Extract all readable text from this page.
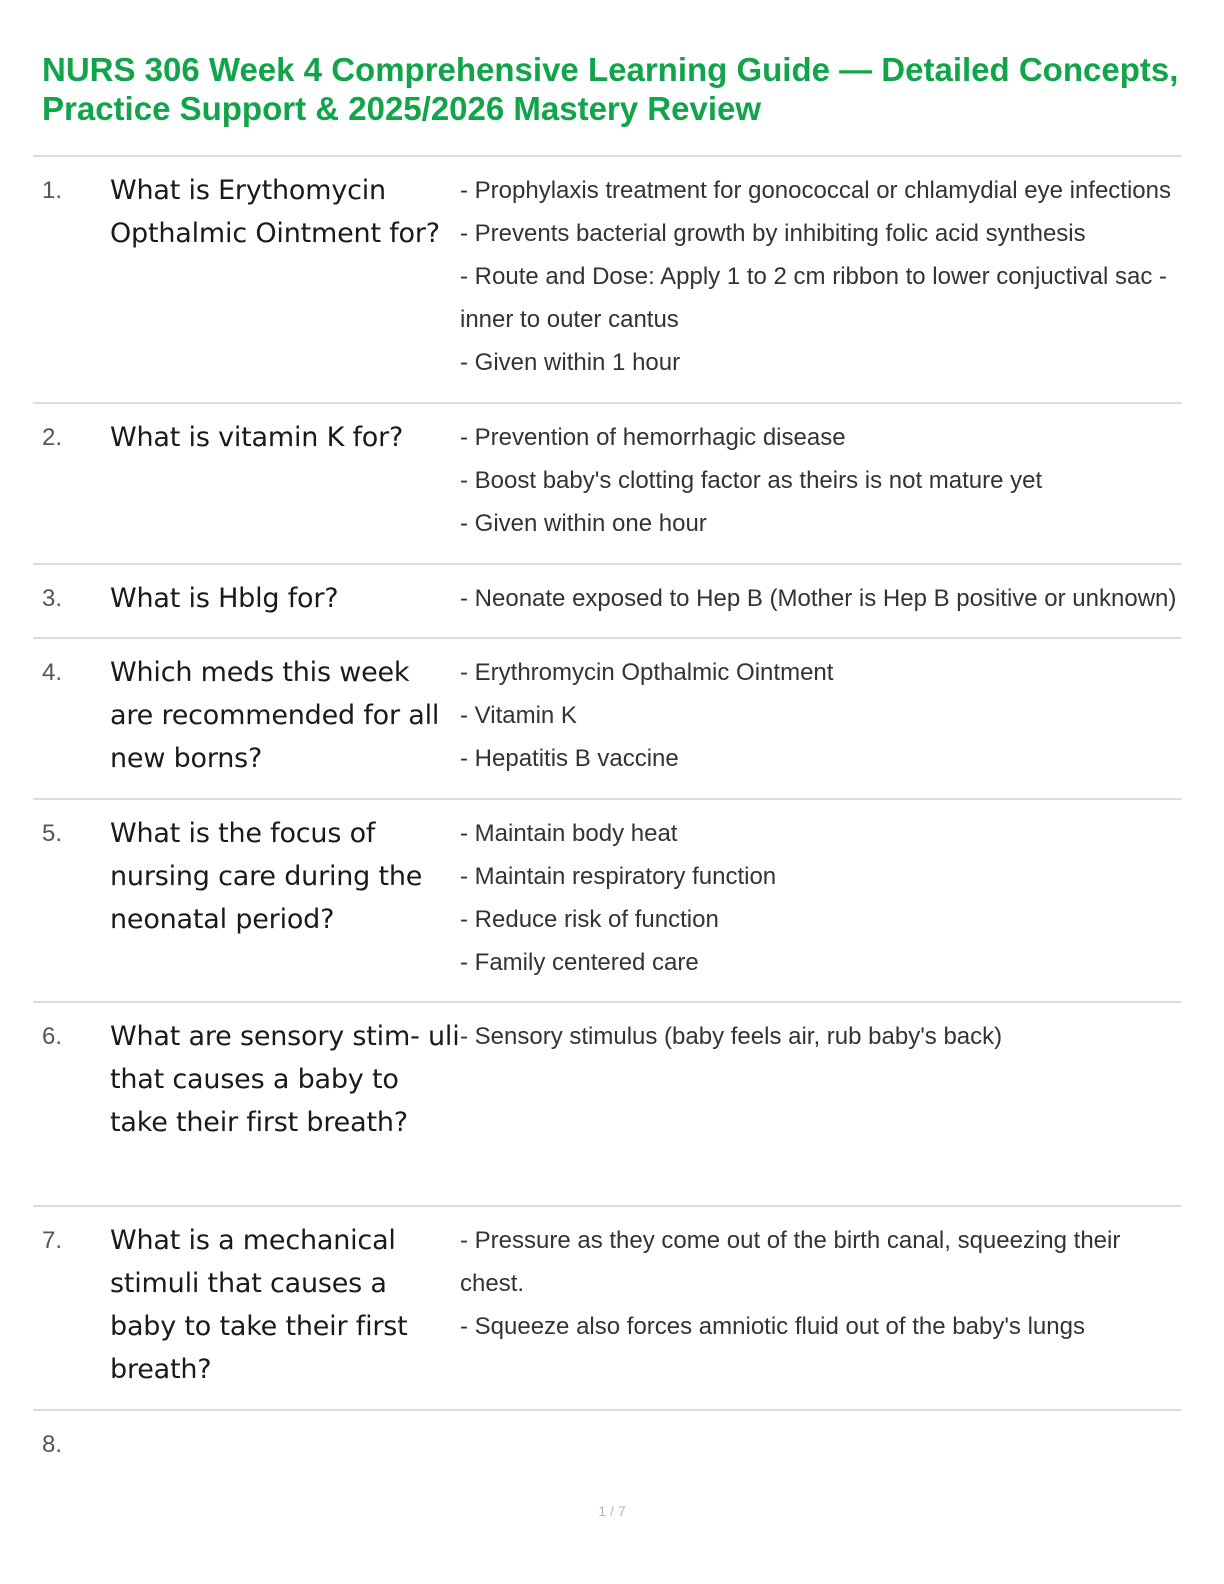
NURS 306 Week 4 Comprehensive Learning Guide — Detailed Concepts, Practice Support & 2025/2026 Mastery Review
1.	What is Erythomycin Opthalmic Ointment for?
- Prophylaxis treatment for gonococcal or chlamydial eye infections
- Prevents bacterial growth by inhibiting folic acid synthesis
- Route and Dose: Apply 1 to 2 cm ribbon to lower conjuctival sac - inner to outer cantus
- Given within 1 hour
2.	What is vitamin K for?	- Prevention of hemorrhagic disease
- Boost baby's clotting factor as theirs is not mature yet
- Given within one hour
3.	What is Hblg for?	- Neonate exposed to Hep B (Mother is Hep B positive or unknown)
4.	Which meds this week are recommended for all new borns?
- Erythromycin Opthalmic Ointment
- Vitamin K
- Hepatitis B vaccine
5.	What is the focus of nursing care during the neonatal period?
- Maintain body heat
- Maintain respiratory function
- Reduce risk of function
- Family centered care
6.	What are sensory stim- uli that causes a baby to take their first breath?
- Sensory stimulus (baby feels air, rub baby's back)
7.	What is a mechanical stimuli that causes a baby to take their first breath?
- Pressure as they come out of the birth canal, squeezing their chest.
- Squeeze also forces amniotic fluid out of the baby's lungs
8.
1 / 7
